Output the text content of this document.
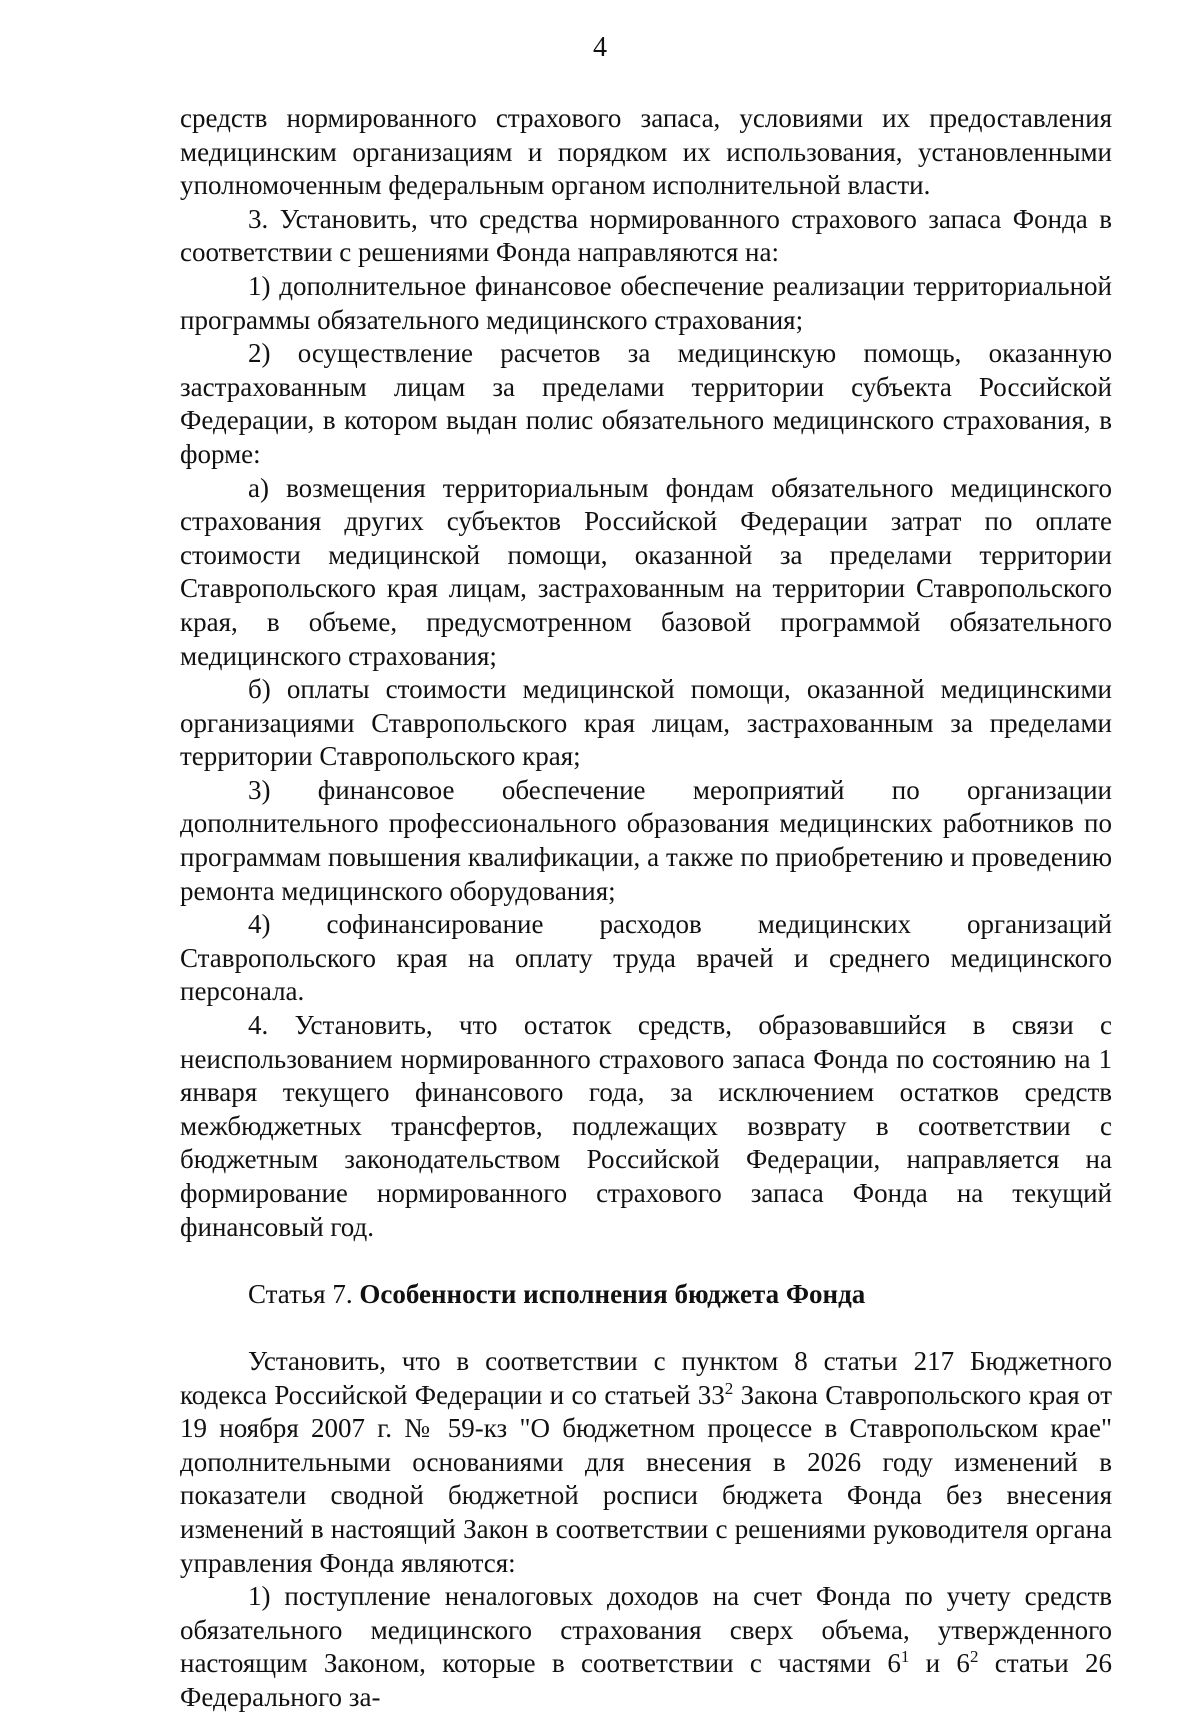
4

средств нормированного страхового запаса, условиями их предоставления медицинским организациям и порядком их использования, установленными уполномоченным федеральным органом исполнительной власти.

3. Установить, что средства нормированного страхового запаса Фонда в соответствии с решениями Фонда направляются на:

1) дополнительное финансовое обеспечение реализации территориальной программы обязательного медицинского страхования;

2) осуществление расчетов за медицинскую помощь, оказанную застрахованным лицам за пределами территории субъекта Российской Федерации, в котором выдан полис обязательного медицинского страхования, в форме:

а) возмещения территориальным фондам обязательного медицинского страхования других субъектов Российской Федерации затрат по оплате стоимости медицинской помощи, оказанной за пределами территории Ставропольского края лицам, застрахованным на территории Ставропольского края, в объеме, предусмотренном базовой программой обязательного медицинского страхования;

б) оплаты стоимости медицинской помощи, оказанной медицинскими организациями Ставропольского края лицам, застрахованным за пределами территории Ставропольского края;

3) финансовое обеспечение мероприятий по организации дополнительного профессионального образования медицинских работников по программам повышения квалификации, а также по приобретению и проведению ремонта медицинского оборудования;

4) софинансирование расходов медицинских организаций Ставропольского края на оплату труда врачей и среднего медицинского персонала.

4. Установить, что остаток средств, образовавшийся в связи с неиспользованием нормированного страхового запаса Фонда по состоянию на 1 января текущего финансового года, за исключением остатков средств межбюджетных трансфертов, подлежащих возврату в соответствии с бюджетным законодательством Российской Федерации, направляется на формирование нормированного страхового запаса Фонда на текущий финансовый год.

Статья 7. Особенности исполнения бюджета Фонда

Установить, что в соответствии с пунктом 8 статьи 217 Бюджетного кодекса Российской Федерации и со статьей $33^2$ Закона Ставропольского края от 19 ноября 2007 г. № 59-кз "О бюджетном процессе в Ставропольском крае" дополнительными основаниями для внесения в 2026 году изменений в показатели сводной бюджетной росписи бюджета Фонда без внесения изменений в настоящий Закон в соответствии с решениями руководителя органа управления Фонда являются:

1) поступление неналоговых доходов на счет Фонда по учету средств обязательного медицинского страхования сверх объема, утвержденного настоящим Законом, которые в соответствии с частями $6^1$ и $6^2$ статьи 26 Федерального за-
